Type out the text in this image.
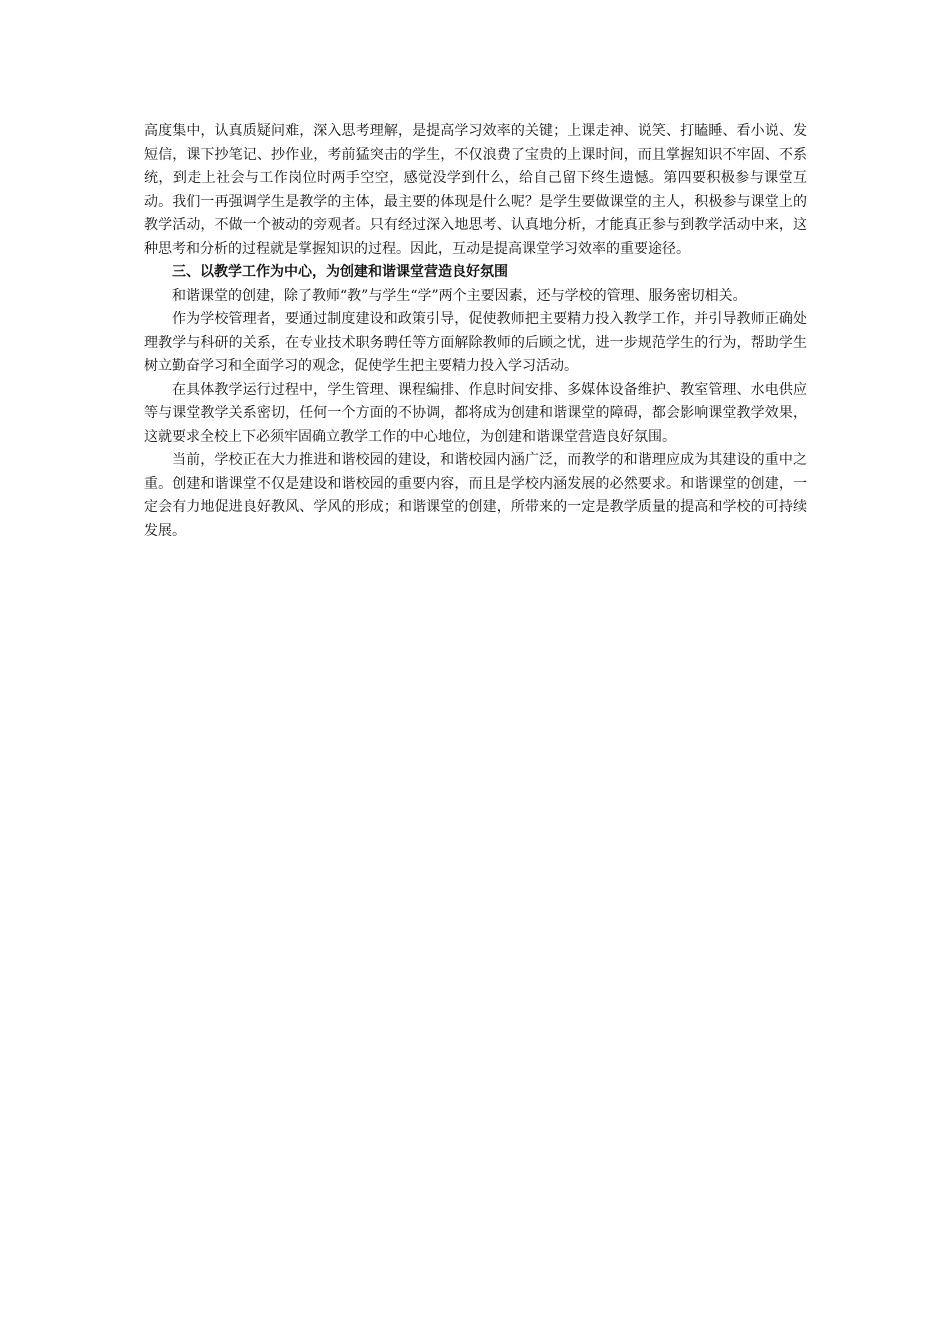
高度集中，认真质疑问难，深入思考理解，是提高学习效率的关键；上课走神、说笑、打瞌睡、看小说、发短信，课下抄笔记、抄作业，考前猛突击的学生，不仅浪费了宝贵的上课时间，而且掌握知识不牢固、不系统，到走上社会与工作岗位时两手空空，感觉没学到什么，给自己留下终生遗憾。第四要积极参与课堂互动。我们一再强调学生是教学的主体，最主要的体现是什么呢？是学生要做课堂的主人，积极参与课堂上的教学活动，不做一个被动的旁观者。只有经过深入地思考、认真地分析，才能真正参与到教学活动中来，这种思考和分析的过程就是掌握知识的过程。因此，互动是提高课堂学习效率的重要途径。

三、以教学工作为中心，为创建和谐课堂营造良好氛围

和谐课堂的创建，除了教师“教”与学生“学”两个主要因素，还与学校的管理、服务密切相关。

作为学校管理者，要通过制度建设和政策引导，促使教师把主要精力投入教学工作，并引导教师正确处理教学与科研的关系，在专业技术职务聘任等方面解除教师的后顾之忧，进一步规范学生的行为，帮助学生树立勤奋学习和全面学习的观念，促使学生把主要精力投入学习活动。

在具体教学运行过程中，学生管理、课程编排、作息时间安排、多媒体设备维护、教室管理、水电供应等与课堂教学关系密切，任何一个方面的不协调，都将成为创建和谐课堂的障碍，都会影响课堂教学效果，这就要求全校上下必须牢固确立教学工作的中心地位，为创建和谐课堂营造良好氛围。

当前，学校正在大力推进和谐校园的建设，和谐校园内涵广泛，而教学的和谐理应成为其建设的重中之重。创建和谐课堂不仅是建设和谐校园的重要内容，而且是学校内涵发展的必然要求。和谐课堂的创建，一定会有力地促进良好教风、学风的形成；和谐课堂的创建，所带来的一定是教学质量的提高和学校的可持续发展。
